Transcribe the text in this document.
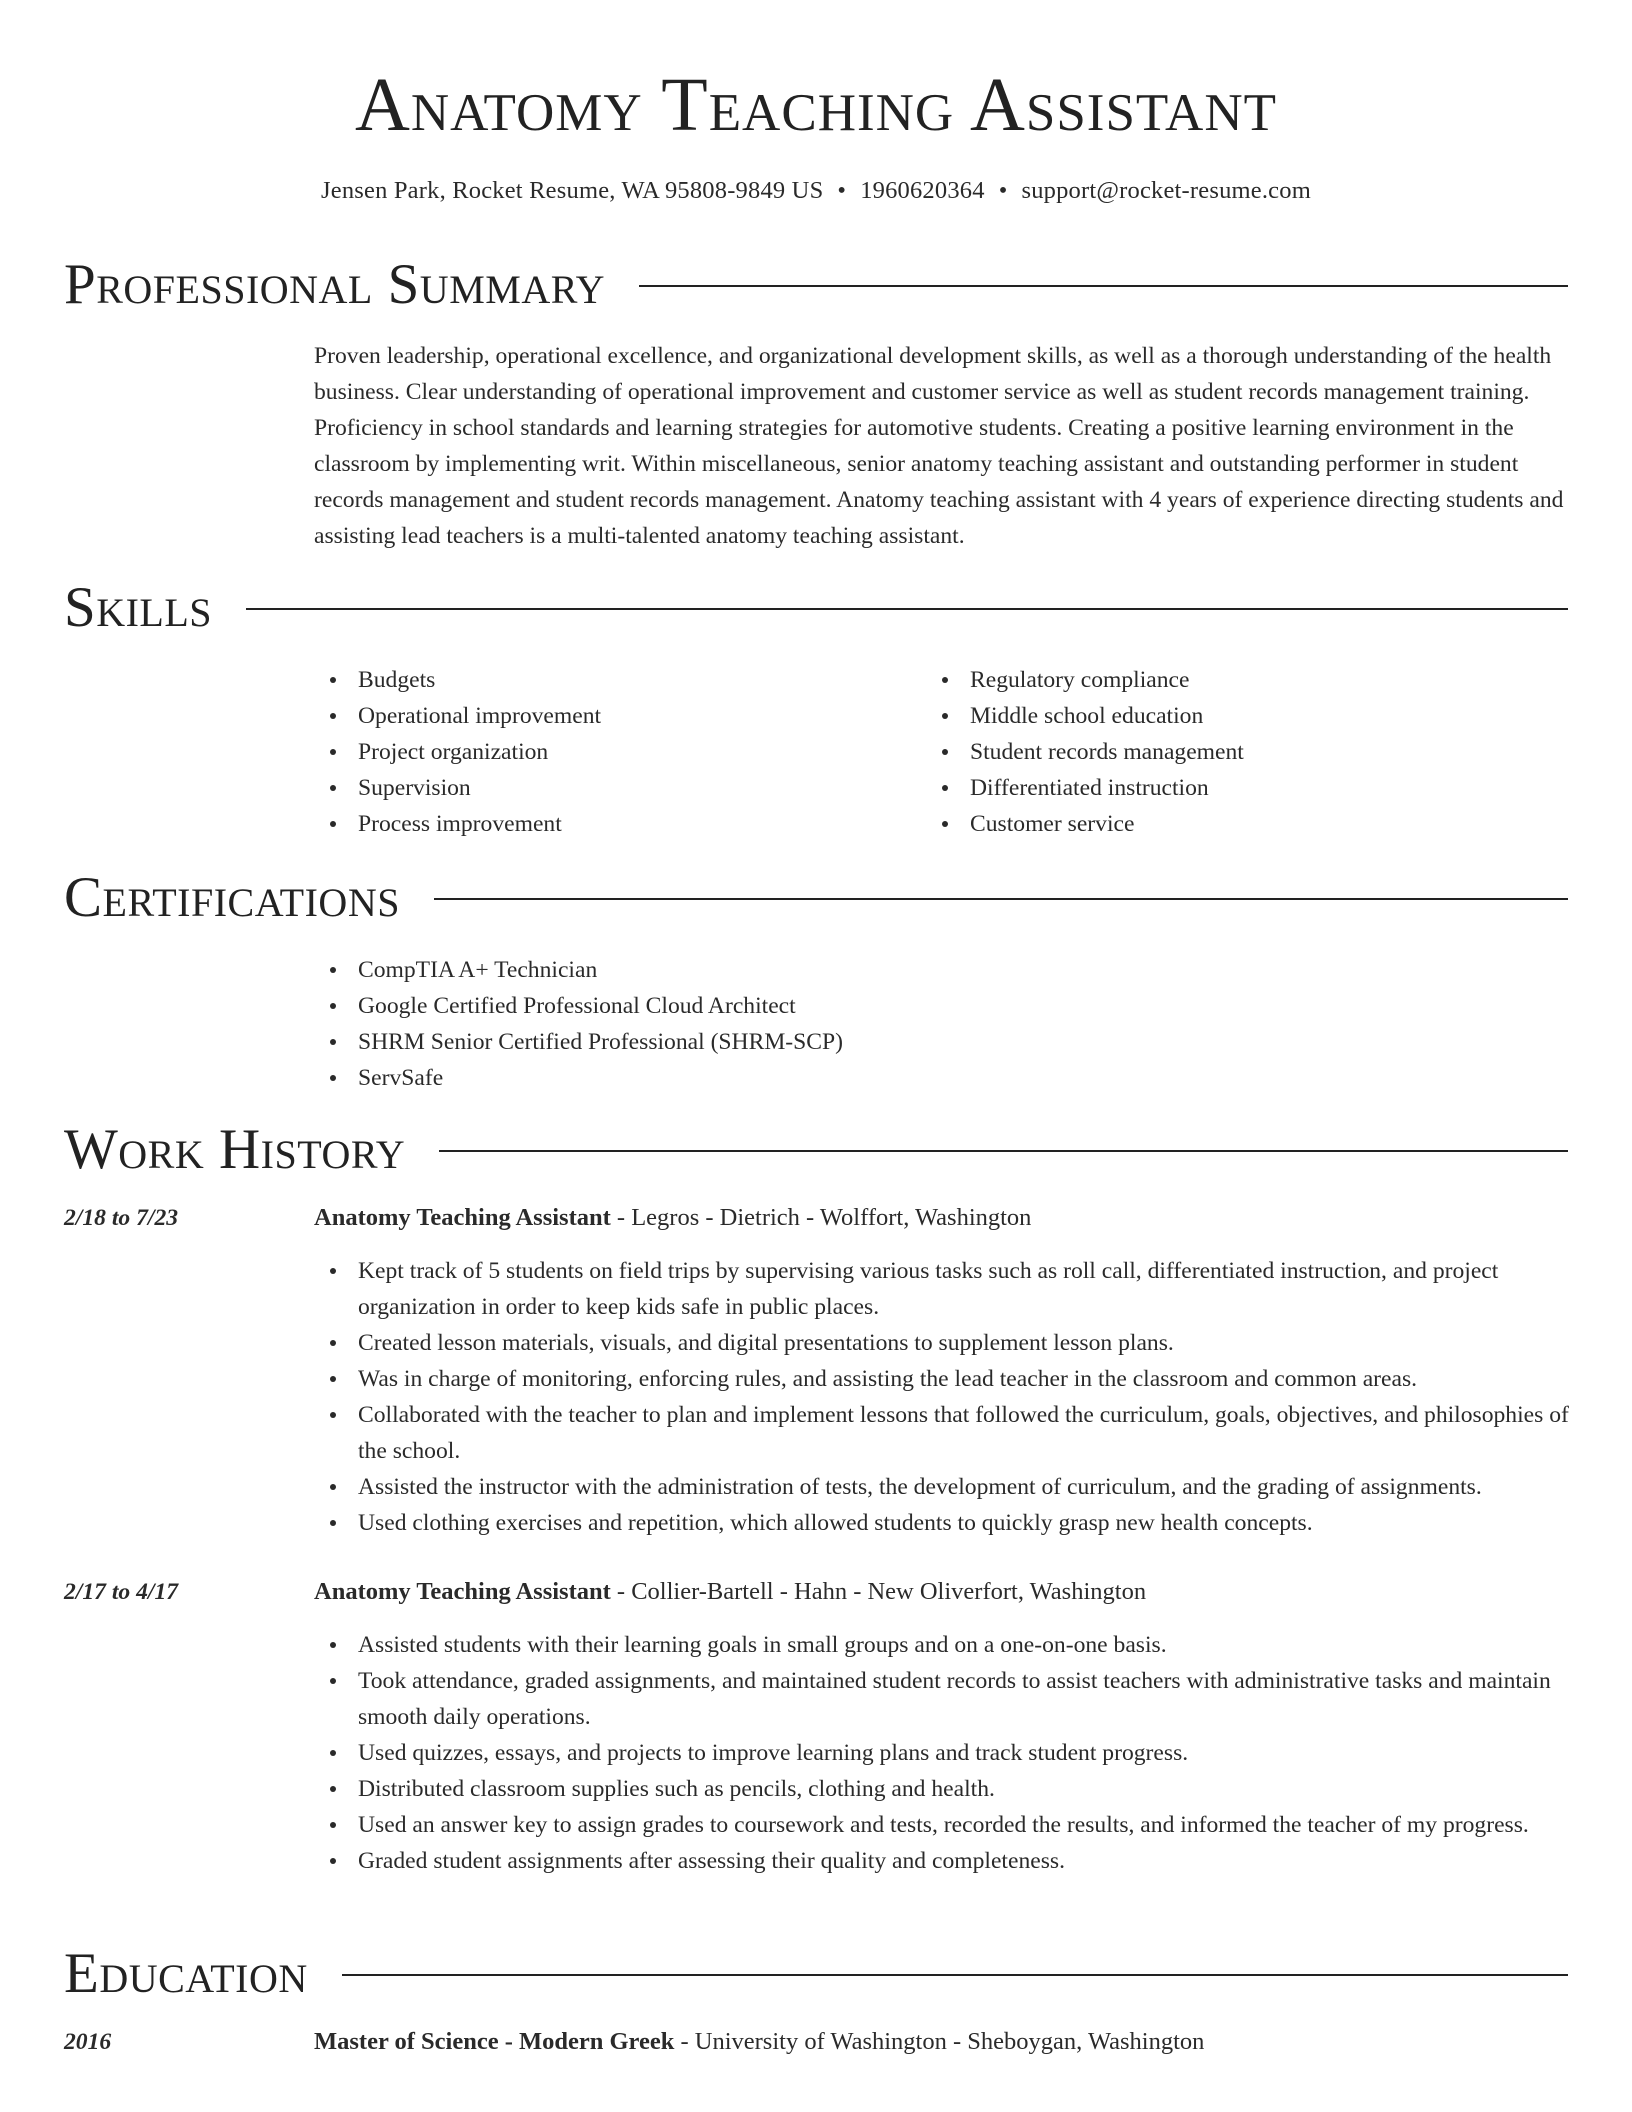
Anatomy Teaching Assistant
Jensen Park, Rocket Resume, WA 95808-9849 US • 1960620364 • support@rocket-resume.com
Professional Summary

Proven leadership, operational excellence, and organizational development skills, as well as a thorough understanding of the health business. Clear understanding of operational improvement and customer service as well as student records management training. Proficiency in school standards and learning strategies for automotive students. Creating a positive learning environment in the classroom by implementing writ. Within miscellaneous, senior anatomy teaching assistant and outstanding performer in student records management and student records management. Anatomy teaching assistant with 4 years of experience directing students and assisting lead teachers is a multi-talented anatomy teaching assistant.

Skills
Budgets
Operational improvement
Project organization
Supervision
Process improvement
Regulatory compliance
Middle school education
Student records management
Differentiated instruction
Customer service
Certifications
CompTIA A+ Technician
Google Certified Professional Cloud Architect
SHRM Senior Certified Professional (SHRM-SCP)
ServSafe
Work History
2/18 to 7/23	Anatomy Teaching Assistant - Legros - Dietrich - Wolffort, Washington
Kept track of 5 students on field trips by supervising various tasks such as roll call, differentiated instruction, and project organization in order to keep kids safe in public places.
Created lesson materials, visuals, and digital presentations to supplement lesson plans.
Was in charge of monitoring, enforcing rules, and assisting the lead teacher in the classroom and common areas.
Collaborated with the teacher to plan and implement lessons that followed the curriculum, goals, objectives, and philosophies of the school.
Assisted the instructor with the administration of tests, the development of curriculum, and the grading of assignments.
Used clothing exercises and repetition, which allowed students to quickly grasp new health concepts.
2/17 to 4/17	Anatomy Teaching Assistant - Collier-Bartell - Hahn - New Oliverfort, Washington
Assisted students with their learning goals in small groups and on a one-on-one basis.
Took attendance, graded assignments, and maintained student records to assist teachers with administrative tasks and maintain smooth daily operations.
Used quizzes, essays, and projects to improve learning plans and track student progress.
Distributed classroom supplies such as pencils, clothing and health.
Used an answer key to assign grades to coursework and tests, recorded the results, and informed the teacher of my progress.
Graded student assignments after assessing their quality and completeness.
Education
2016	Master of Science - Modern Greek - University of Washington - Sheboygan, Washington
